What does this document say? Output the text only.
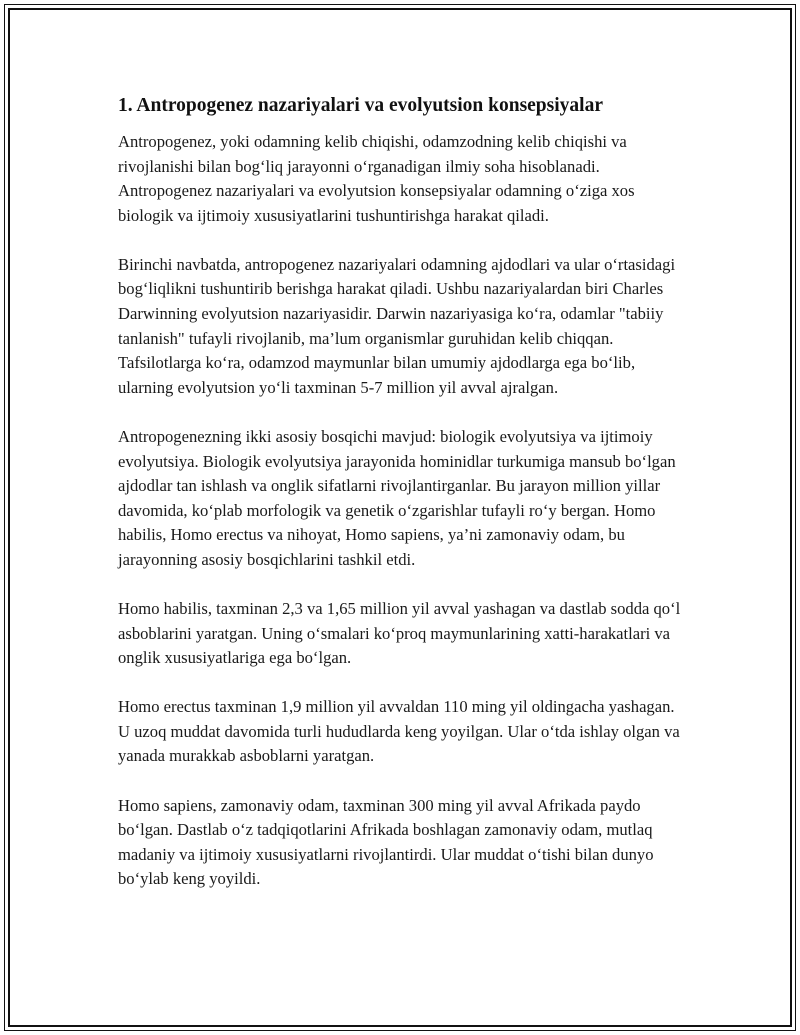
1. Antropogenez nazariyalari va evolyutsion konsepsiyalar

Antropogenez, yoki odamning kelib chiqishi, odamzodning kelib chiqishi va rivojlanishi bilan bog‘liq jarayonni o‘rganadigan ilmiy soha hisoblanadi. Antropogenez nazariyalari va evolyutsion konsepsiyalar odamning o‘ziga xos biologik va ijtimoiy xususiyatlarini tushuntirishga harakat qiladi.

Birinchi navbatda, antropogenez nazariyalari odamning ajdodlari va ular o‘rtasidagi bog‘liqlikni tushuntirib berishga harakat qiladi. Ushbu nazariyalardan biri Charles Darwinning evolyutsion nazariyasidir. Darwin nazariyasiga ko‘ra, odamlar "tabiiy tanlanish" tufayli rivojlanib, ma’lum organismlar guruhidan kelib chiqqan. Tafsilotlarga ko‘ra, odamzod maymunlar bilan umumiy ajdodlarga ega bo‘lib, ularning evolyutsion yo‘li taxminan 5-7 million yil avval ajralgan.

Antropogenezning ikki asosiy bosqichi mavjud: biologik evolyutsiya va ijtimoiy evolyutsiya. Biologik evolyutsiya jarayonida hominidlar turkumiga mansub bo‘lgan ajdodlar tan ishlash va onglik sifatlarni rivojlantirganlar. Bu jarayon million yillar davomida, ko‘plab morfologik va genetik o‘zgarishlar tufayli ro‘y bergan. Homo habilis, Homo erectus va nihoyat, Homo sapiens, ya’ni zamonaviy odam, bu jarayonning asosiy bosqichlarini tashkil etdi.

Homo habilis, taxminan 2,3 va 1,65 million yil avval yashagan va dastlab sodda qo‘l asboblarini yaratgan. Uning o‘smalari ko‘proq maymunlarining xatti-harakatlari va onglik xususiyatlariga ega bo‘lgan.

Homo erectus taxminan 1,9 million yil avvaldan 110 ming yil oldingacha yashagan. U uzoq muddat davomida turli hududlarda keng yoyilgan. Ular o‘tda ishlay olgan va yanada murakkab asboblarni yaratgan.

Homo sapiens, zamonaviy odam, taxminan 300 ming yil avval Afrikada paydo bo‘lgan. Dastlab o‘z tadqiqotlarini Afrikada boshlagan zamonaviy odam, mutlaq madaniy va ijtimoiy xususiyatlarni rivojlantirdi. Ular muddat o‘tishi bilan dunyo bo‘ylab keng yoyildi.
